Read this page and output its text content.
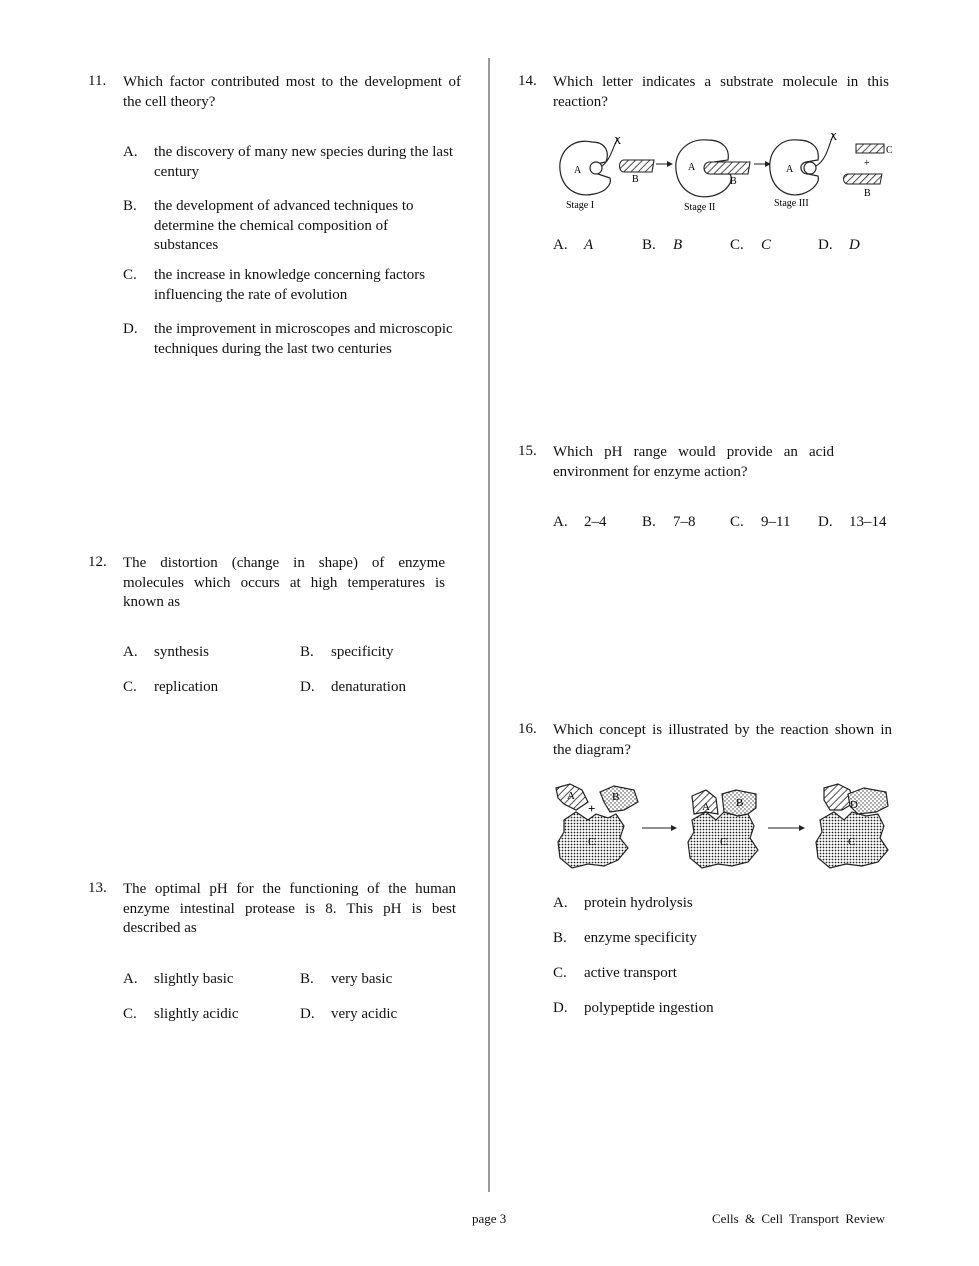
11. Which factor contributed most to the development of the cell theory?
A. the discovery of many new species during the last century
B. the development of advanced techniques to determine the chemical composition of substances
C. the increase in knowledge concerning factors influencing the rate of evolution
D. the improvement in microscopes and microscopic techniques during the last two centuries
12. The distortion (change in shape) of enzyme molecules which occurs at high temperatures is known as
A. synthesis	B. specificity
C. replication	D. denaturation
13. The optimal pH for the functioning of the human enzyme intestinal protease is 8. This pH is best described as
A. slightly basic	B. very basic
C. slightly acidic	D. very acidic
14. Which letter indicates a substrate molecule in this reaction?
X
A
B
Stage I
A
B
Stage II
X
A
Stage III
C
+
B
A. A	B. B	C. C	D. D
15. Which pH range would provide an acid environment for enzyme action?
A. 2–4 B. 7–8 C. 9–11 D. 13–14
16. Which concept is illustrated by the reaction shown in the diagram?
A	B
+
C
A B
C
D
C
A. protein hydrolysis
B. enzyme specificity
C. active transport
D. polypeptide ingestion
page 3	Cells & Cell Transport Review
